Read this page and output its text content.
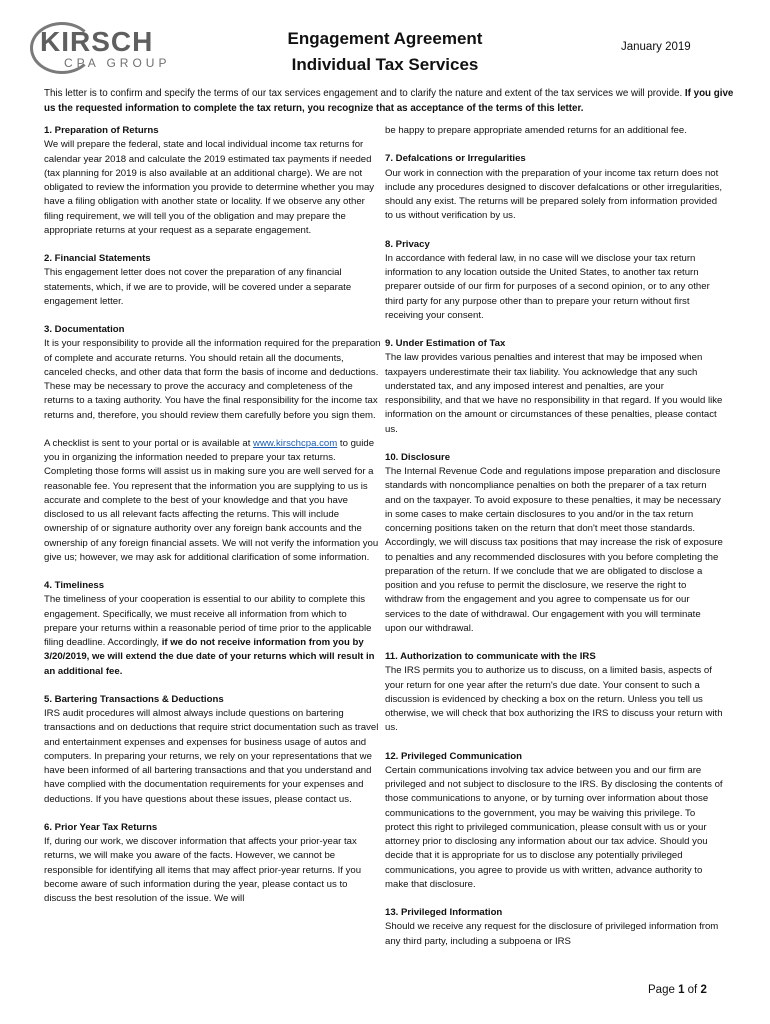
KIRSCH
CPA GROUP
Engagement Agreement
Individual Tax Services
January 2019
This letter is to confirm and specify the terms of our tax services engagement and to clarify the nature and extent of the tax services we will provide. If you give us the requested information to complete the tax return, you recognize that as acceptance of the terms of this letter.
1. Preparation of Returns

We will prepare the federal, state and local individual income tax returns for calendar year 2018 and calculate the 2019 estimated tax payments if needed (tax planning for 2019 is also available at an additional charge). We are not obligated to review the information you provide to determine whether you may have a filing obligation with another state or locality. If we observe any other filing requirement, we will tell you of the obligation and may prepare the appropriate returns at your request as a separate engagement.

2. Financial Statements

This engagement letter does not cover the preparation of any financial statements, which, if we are to provide, will be covered under a separate engagement letter.

3. Documentation

It is your responsibility to provide all the information required for the preparation of complete and accurate returns. You should retain all the documents, canceled checks, and other data that form the basis of income and deductions. These may be necessary to prove the accuracy and completeness of the returns to a taxing authority. You have the final responsibility for the income tax returns and, therefore, you should review them carefully before you sign them.

A checklist is sent to your portal or is available at www.kirschcpa.com to guide you in organizing the information needed to prepare your tax returns. Completing those forms will assist us in making sure you are well served for a reasonable fee. You represent that the information you are supplying to us is accurate and complete to the best of your knowledge and that you have disclosed to us all relevant facts affecting the returns. This will include ownership of or signature authority over any foreign bank accounts and the ownership of any foreign financial assets. We will not verify the information you give us; however, we may ask for additional clarification of some information.

4. Timeliness

The timeliness of your cooperation is essential to our ability to complete this engagement. Specifically, we must receive all information from which to prepare your returns within a reasonable period of time prior to the applicable filing deadline. Accordingly, if we do not receive information from you by 3/20/2019, we will extend the due date of your returns which will result in an additional fee.

5. Bartering Transactions & Deductions

IRS audit procedures will almost always include questions on bartering transactions and on deductions that require strict documentation such as travel and entertainment expenses and expenses for business usage of autos and computers. In preparing your returns, we rely on your representations that we have been informed of all bartering transactions and that you understand and have complied with the documentation requirements for your expenses and deductions. If you have questions about these issues, please contact us.

6. Prior Year Tax Returns

If, during our work, we discover information that affects your prior-year tax returns, we will make you aware of the facts. However, we cannot be responsible for identifying all items that may affect prior-year returns. If you become aware of such information during the year, please contact us to discuss the best resolution of the issue. We will

be happy to prepare appropriate amended returns for an additional fee.

7. Defalcations or Irregularities

Our work in connection with the preparation of your income tax return does not include any procedures designed to discover defalcations or other irregularities, should any exist. The returns will be prepared solely from information provided to us without verification by us.

8. Privacy

In accordance with federal law, in no case will we disclose your tax return information to any location outside the United States, to another tax return preparer outside of our firm for purposes of a second opinion, or to any other third party for any purpose other than to prepare your return without first receiving your consent.

9. Under Estimation of Tax

The law provides various penalties and interest that may be imposed when taxpayers underestimate their tax liability. You acknowledge that any such understated tax, and any imposed interest and penalties, are your responsibility, and that we have no responsibility in that regard. If you would like information on the amount or circumstances of these penalties, please contact us.

10. Disclosure

The Internal Revenue Code and regulations impose preparation and disclosure standards with noncompliance penalties on both the preparer of a tax return and on the taxpayer. To avoid exposure to these penalties, it may be necessary in some cases to make certain disclosures to you and/or in the tax return concerning positions taken on the return that don't meet those standards. Accordingly, we will discuss tax positions that may increase the risk of exposure to penalties and any recommended disclosures with you before completing the preparation of the return. If we conclude that we are obligated to disclose a position and you refuse to permit the disclosure, we reserve the right to withdraw from the engagement and you agree to compensate us for our services to the date of withdrawal. Our engagement with you will terminate upon our withdrawal.

11. Authorization to communicate with the IRS

The IRS permits you to authorize us to discuss, on a limited basis, aspects of your return for one year after the return's due date. Your consent to such a discussion is evidenced by checking a box on the return. Unless you tell us otherwise, we will check that box authorizing the IRS to discuss your return with us.

12. Privileged Communication

Certain communications involving tax advice between you and our firm are privileged and not subject to disclosure to the IRS. By disclosing the contents of those communications to anyone, or by turning over information about those communications to the government, you may be waiving this privilege. To protect this right to privileged communication, please consult with us or your attorney prior to disclosing any information about our tax advice. Should you decide that it is appropriate for us to disclose any potentially privileged communications, you agree to provide us with written, advance authority to make that disclosure.

13. Privileged Information

Should we receive any request for the disclosure of privileged information from any third party, including a subpoena or IRS

Page 1 of 2
